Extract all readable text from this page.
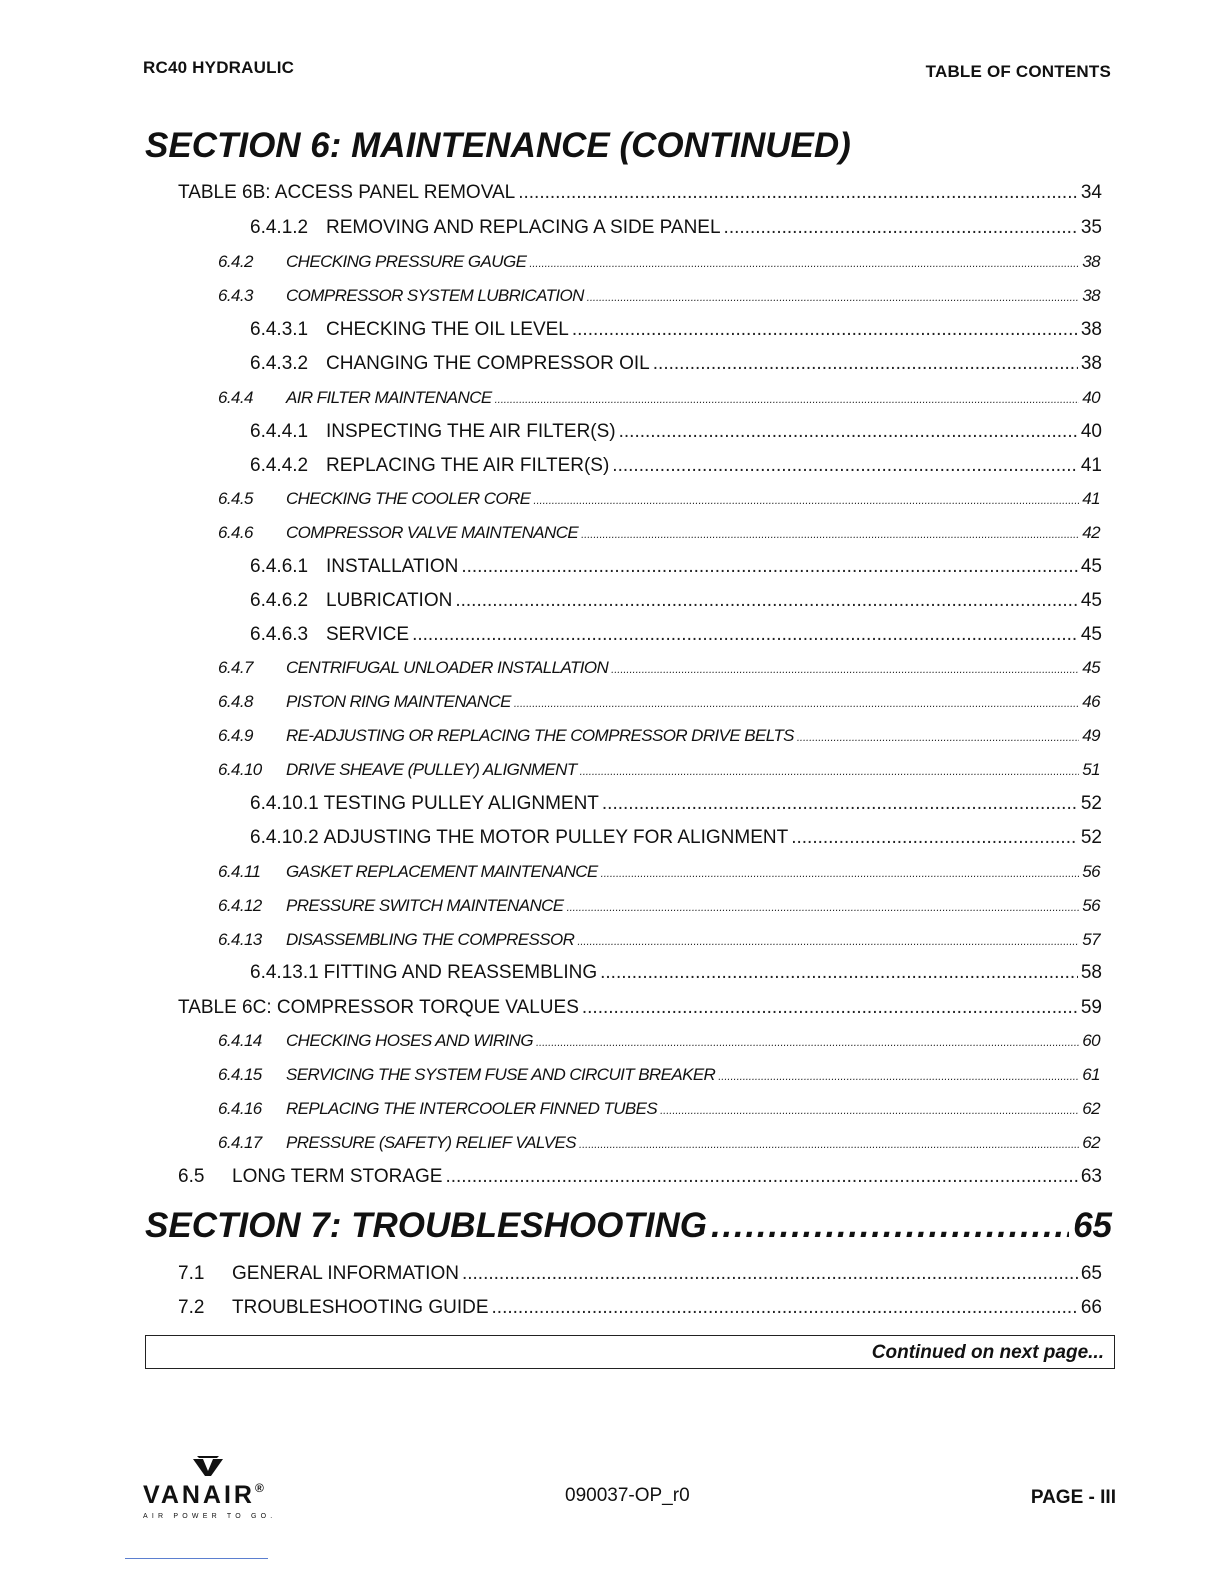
RC40 HYDRAULIC	TABLE OF CONTENTS
SECTION 6: MAINTENANCE (CONTINUED)
TABLE 6B: ACCESS PANEL REMOVAL .....	34
6.4.1.2 REMOVING AND REPLACING A SIDE PANEL .....	35
6.4.2	CHECKING PRESSURE GAUGE .....	38
6.4.3	COMPRESSOR SYSTEM LUBRICATION .....	38
6.4.3.1 CHECKING THE OIL LEVEL .....	38
6.4.3.2 CHANGING THE COMPRESSOR OIL .....	38
6.4.4	AIR FILTER MAINTENANCE .....	40
6.4.4.1 INSPECTING THE AIR FILTER(S) .....	40
6.4.4.2 REPLACING THE AIR FILTER(S) .....	41
6.4.5	CHECKING THE COOLER CORE .....	41
6.4.6	COMPRESSOR VALVE MAINTENANCE .....	42
6.4.6.1 INSTALLATION .....	45
6.4.6.2 LUBRICATION .....	45
6.4.6.3 SERVICE .....	45
6.4.7	CENTRIFUGAL UNLOADER INSTALLATION .....	45
6.4.8	PISTON RING MAINTENANCE .....	46
6.4.9	RE-ADJUSTING OR REPLACING THE COMPRESSOR DRIVE BELTS .....	49
6.4.10	DRIVE SHEAVE (PULLEY) ALIGNMENT .....	51
6.4.10.1 TESTING PULLEY ALIGNMENT .....	52
6.4.10.2 ADJUSTING THE MOTOR PULLEY FOR ALIGNMENT .....	52
6.4.11	GASKET REPLACEMENT MAINTENANCE .....	56
6.4.12	PRESSURE SWITCH MAINTENANCE .....	56
6.4.13	DISASSEMBLING THE COMPRESSOR .....	57
6.4.13.1 FITTING AND REASSEMBLING .....	58
TABLE 6C: COMPRESSOR TORQUE VALUES .....	59
6.4.14	CHECKING HOSES AND WIRING .....	60
6.4.15	SERVICING THE SYSTEM FUSE AND CIRCUIT BREAKER .....	61
6.4.16	REPLACING THE INTERCOOLER FINNED TUBES .....	62
6.4.17	PRESSURE (SAFETY) RELIEF VALVES .....	62
6.5	LONG TERM STORAGE .....	63
SECTION 7: TROUBLESHOOTING . . .	65
7.1	GENERAL INFORMATION .....	65
7.2	TROUBLESHOOTING GUIDE .....	66
Continued on next page...
VANAIR®
AIR POWER TO GO.
090037-OP_r0	PAGE - III
